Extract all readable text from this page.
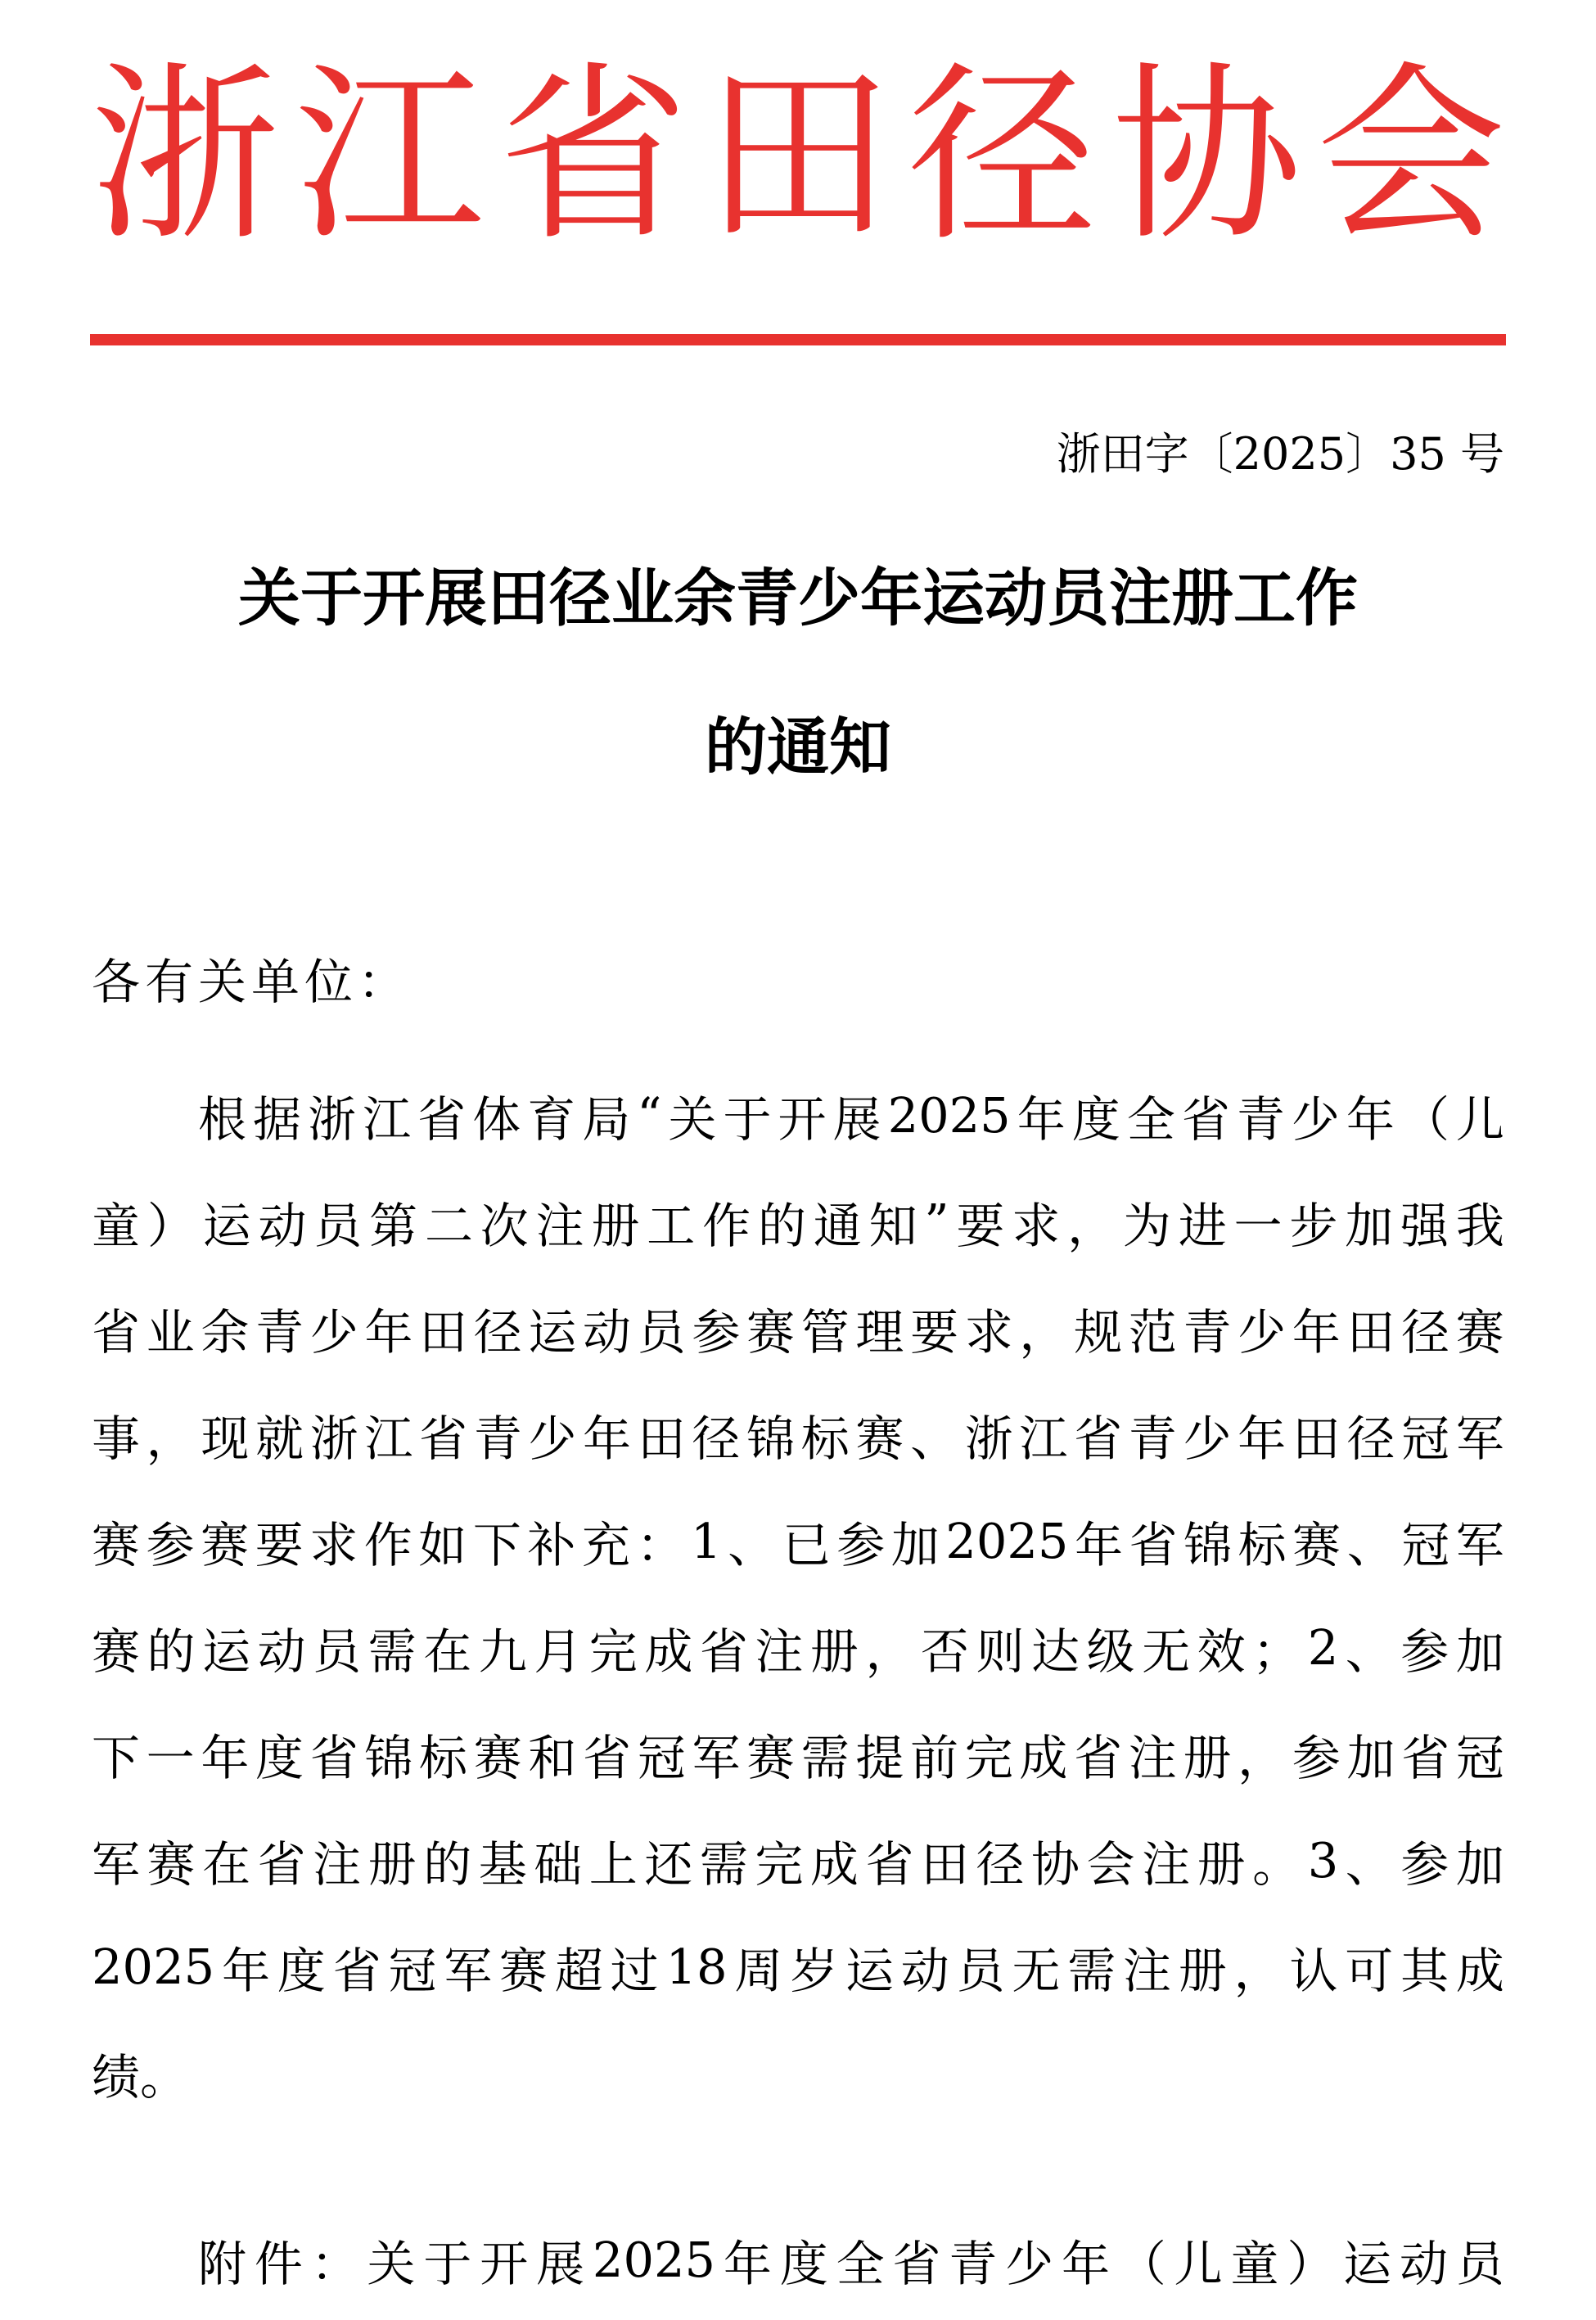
浙 江 省 田 径 协 会
浙田字〔2025〕35 号
关于开展田径业余青少年运动员注册工作
的通知
各有关单位：
根 据 浙 江 省 体 育 局 “ 关 于 开 展 2025 年 度 全 省 青 少 年 （ 儿
童 ） 运 动 员 第 二 次 注 册 工 作 的 通 知 ” 要 求 ， 为 进 一 步 加 强 我
省 业 余 青 少 年 田 径 运 动 员 参 赛 管 理 要 求 ， 规 范 青 少 年 田 径 赛
事 ， 现 就 浙 江 省 青 少 年 田 径 锦 标 赛 、 浙 江 省 青 少 年 田 径 冠 军
赛 参 赛 要 求 作 如 下 补 充 ： 1 、 已 参 加 2025 年 省 锦 标 赛 、 冠 军
赛 的 运 动 员 需 在 九 月 完 成 省 注 册 ， 否 则 达 级 无 效 ； 2 、 参 加
下 一 年 度 省 锦 标 赛 和 省 冠 军 赛 需 提 前 完 成 省 注 册 ， 参 加 省 冠
军 赛 在 省 注 册 的 基 础 上 还 需 完 成 省 田 径 协 会 注 册 。 3 、 参 加
2025 年 度 省 冠 军 赛 超 过 18 周 岁 运 动 员 无 需 注 册 ， 认 可 其 成
绩 。
附 件 ： 关 于 开 展 2025 年 度 全 省 青 少 年 （ 儿 童 ） 运 动 员
